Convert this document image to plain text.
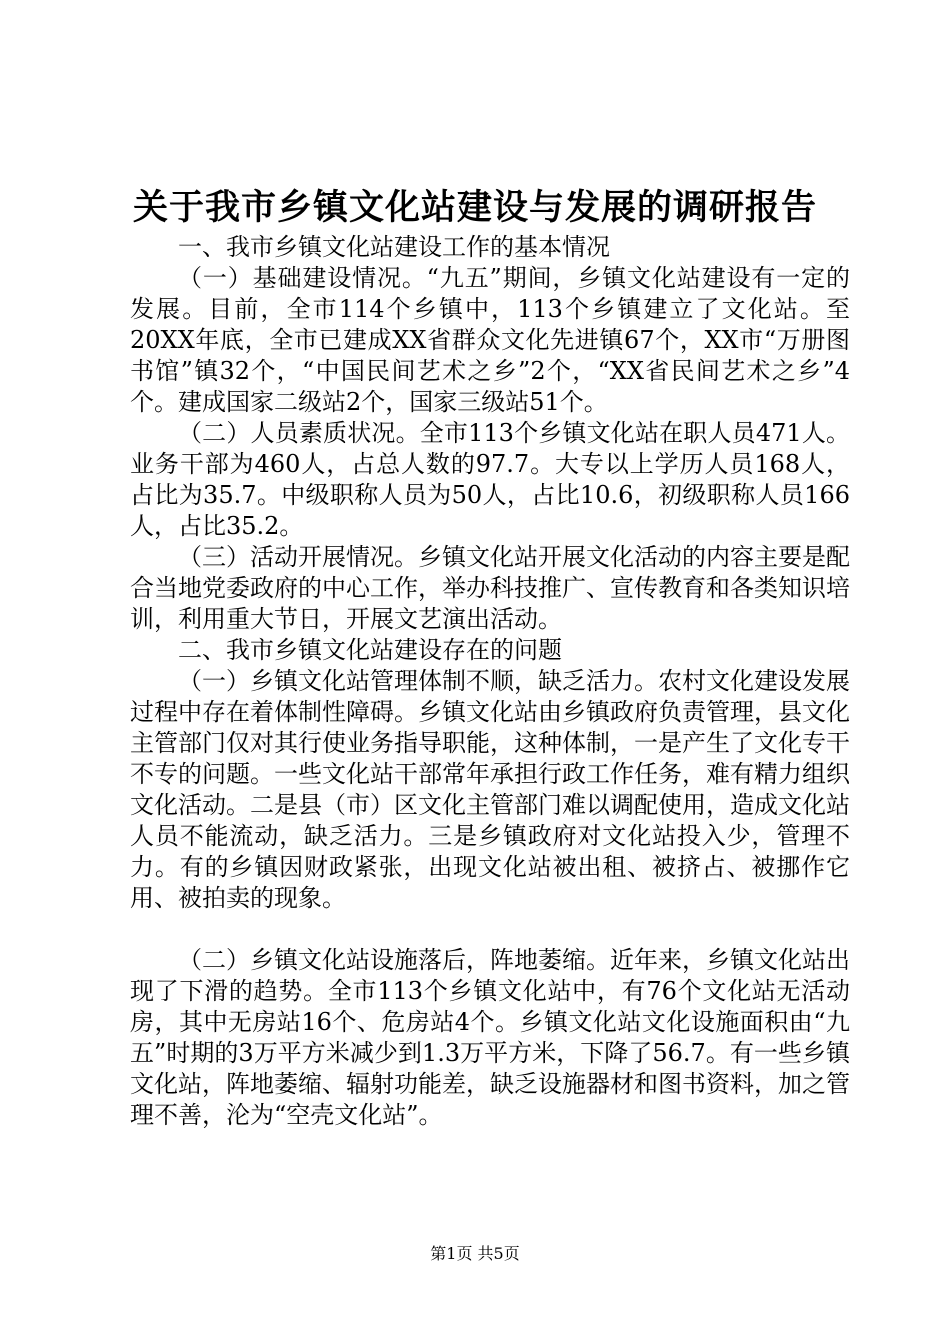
关于我市乡镇文化站建设与发展的调研报告

一、我市乡镇文化站建设工作的基本情况

（一）基础建设情况。“九五”期间，乡镇文化站建设有一定的发展。目前，全市114个乡镇中，113个乡镇建立了文化站。至20XX年底，全市已建成XX省群众文化先进镇67个，XX市“万册图书馆”镇32个，“中国民间艺术之乡”2个，“XX省民间艺术之乡”4个。建成国家二级站2个，国家三级站51个。

（二）人员素质状况。全市113个乡镇文化站在职人员471人。业务干部为460人，占总人数的97.7。大专以上学历人员168人，占比为35.7。中级职称人员为50人，占比10.6，初级职称人员166人，占比35.2。

（三）活动开展情况。乡镇文化站开展文化活动的内容主要是配合当地党委政府的中心工作，举办科技推广、宣传教育和各类知识培训，利用重大节日，开展文艺演出活动。

二、我市乡镇文化站建设存在的问题

（一）乡镇文化站管理体制不顺，缺乏活力。农村文化建设发展过程中存在着体制性障碍。乡镇文化站由乡镇政府负责管理，县文化主管部门仅对其行使业务指导职能，这种体制，一是产生了文化专干不专的问题。一些文化站干部常年承担行政工作任务，难有精力组织文化活动。二是县（市）区文化主管部门难以调配使用，造成文化站人员不能流动，缺乏活力。三是乡镇政府对文化站投入少，管理不力。有的乡镇因财政紧张，出现文化站被出租、被挤占、被挪作它用、被拍卖的现象。

（二）乡镇文化站设施落后，阵地萎缩。近年来，乡镇文化站出现了下滑的趋势。全市113个乡镇文化站中，有76个文化站无活动房，其中无房站16个、危房站4个。乡镇文化站文化设施面积由“九五”时期的3万平方米减少到1.3万平方米，下降了56.7。有一些乡镇文化站，阵地萎缩、辐射功能差，缺乏设施器材和图书资料，加之管理不善，沦为“空壳文化站”。

第1页 共5页
